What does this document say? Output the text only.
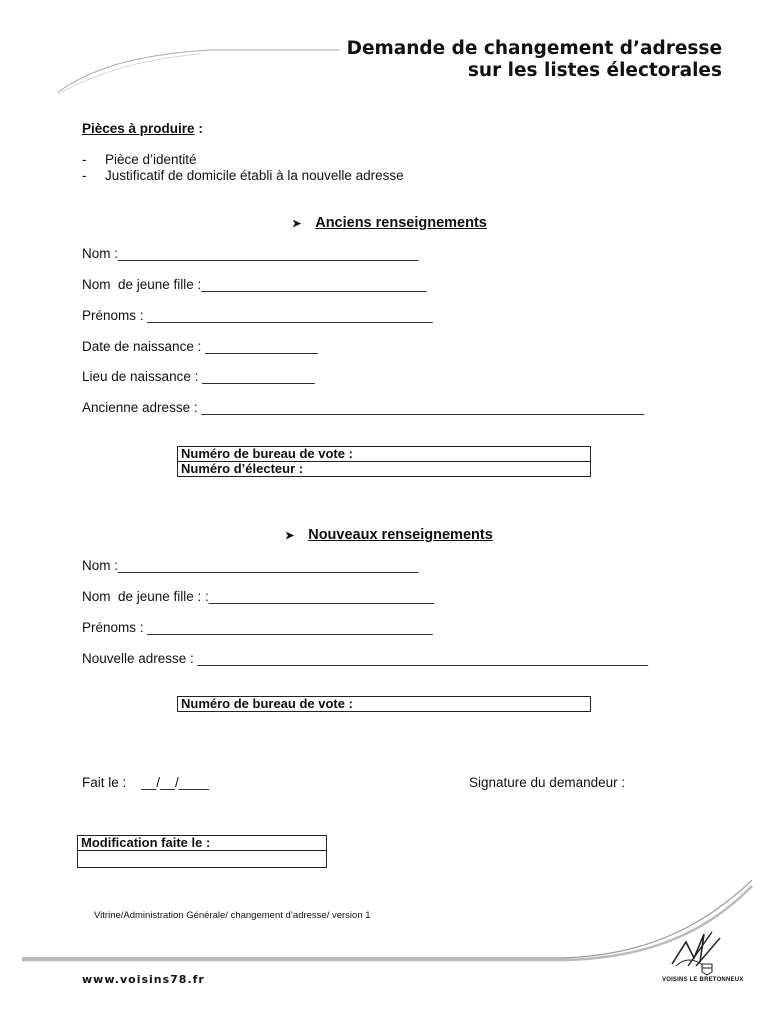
Demande de changement d’adresse
sur les listes électorales
Pièces à produire :
- Pièce d’identité
- Justificatif de domicile établi à la nouvelle adresse
➤ Anciens renseignements
Nom :________________________________________
Nom  de jeune fille :______________________________
Prénoms : ______________________________________
Date de naissance : _______________
Lieu de naissance : _______________
Ancienne adresse : ___________________________________________________________
Numéro de bureau de vote :
Numéro d’électeur :
➤ Nouveaux renseignements
Nom :________________________________________
Nom  de jeune fille : :______________________________
Prénoms : ______________________________________
Nouvelle adresse : ____________________________________________________________
Numéro de bureau de vote :
Fait le :    __/__/____	Signature du demandeur :
Modification faite le :

Vitrine/Administration Générale/ changement d’adresse/ version 1
www.voisins78.fr	VOISINS LE BRETONNEUX
